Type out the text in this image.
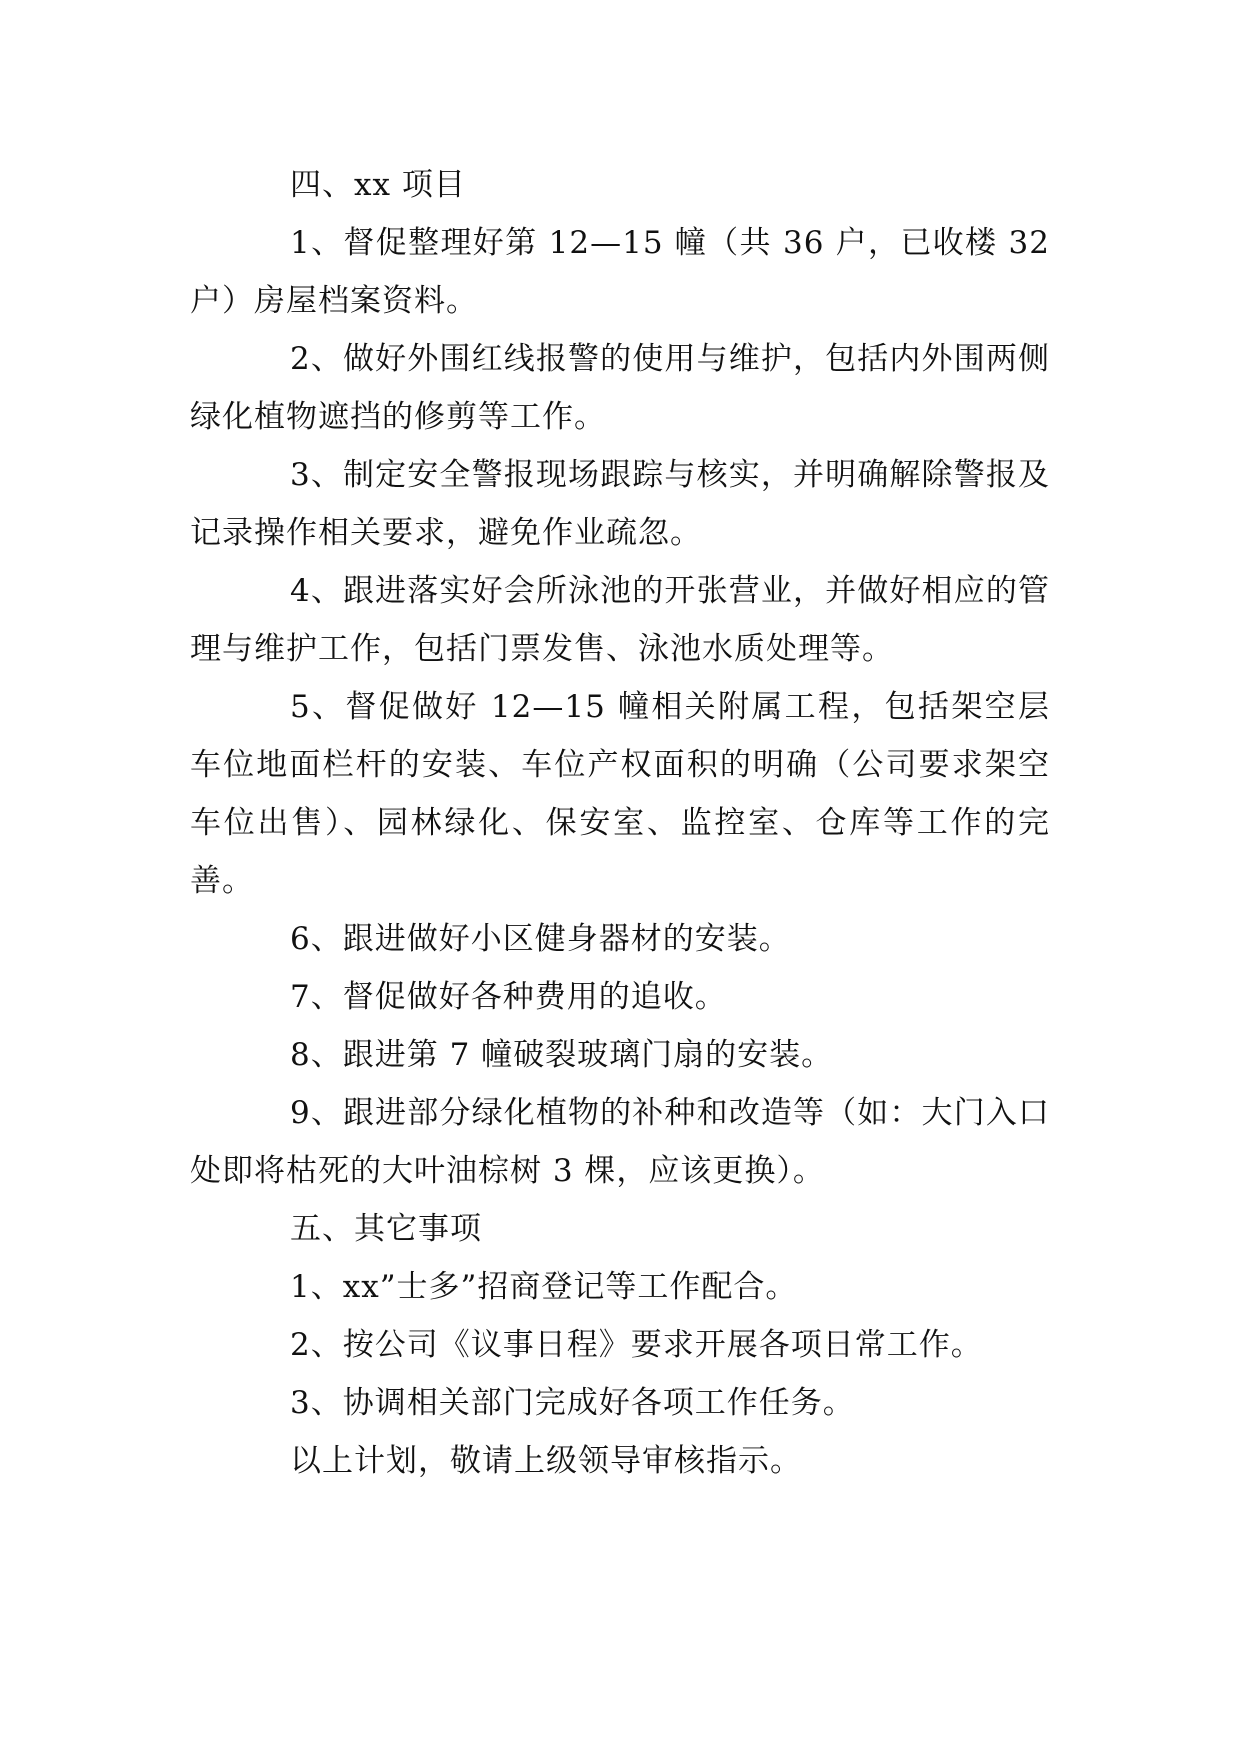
四、xx 项目

1、督促整理好第 12—15 幢（共 36 户，已收楼 32 户）房屋档案资料。

2、做好外围红线报警的使用与维护，包括内外围两侧绿化植物遮挡的修剪等工作。

3、制定安全警报现场跟踪与核实，并明确解除警报及记录操作相关要求，避免作业疏忽。

4、跟进落实好会所泳池的开张营业，并做好相应的管理与维护工作，包括门票发售、泳池水质处理等。

5、督促做好 12—15 幢相关附属工程，包括架空层车位地面栏杆的安装、车位产权面积的明确（公司要求架空车位出售）、园林绿化、保安室、监控室、仓库等工作的完善。

6、跟进做好小区健身器材的安装。

7、督促做好各种费用的追收。

8、跟进第 7 幢破裂玻璃门扇的安装。

9、跟进部分绿化植物的补种和改造等（如：大门入口处即将枯死的大叶油棕树 3 棵，应该更换）。

五、其它事项

1、xx”士多”招商登记等工作配合。

2、按公司《议事日程》要求开展各项日常工作。

3、协调相关部门完成好各项工作任务。

以上计划，敬请上级领导审核指示。
